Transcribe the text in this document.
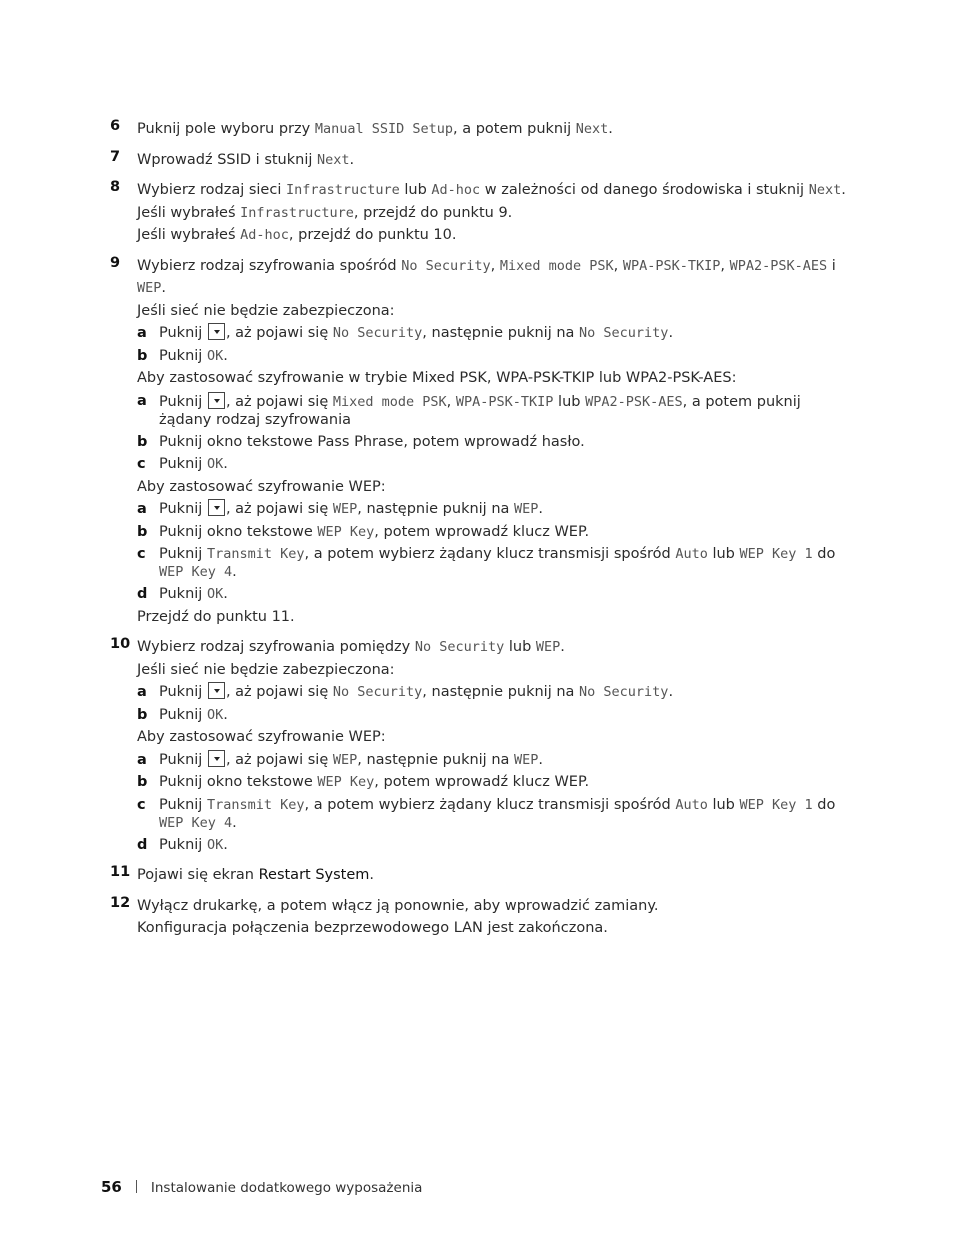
6 Puknij pole wyboru przy Manual SSID Setup, a potem puknij Next.
7 Wprowadź SSID i stuknij Next.
8 Wybierz rodzaj sieci Infrastructure lub Ad-hoc w zależności od danego środowiska i stuknij Next.
Jeśli wybrałeś Infrastructure, przejdź do punktu 9.
Jeśli wybrałeś Ad-hoc, przejdź do punktu 10.
9 Wybierz rodzaj szyfrowania spośród No Security, Mixed mode PSK, WPA-PSK-TKIP, WPA2-PSK-AES i WEP.
Jeśli sieć nie będzie zabezpieczona:
a Puknij , aż pojawi się No Security, następnie puknij na No Security.
b Puknij OK.
Aby zastosować szyfrowanie w trybie Mixed PSK, WPA-PSK-TKIP lub WPA2-PSK-AES:
a Puknij , aż pojawi się Mixed mode PSK, WPA-PSK-TKIP lub WPA2-PSK-AES, a potem puknij żądany rodzaj szyfrowania
b Puknij okno tekstowe Pass Phrase, potem wprowadź hasło.
c Puknij OK.
Aby zastosować szyfrowanie WEP:
a Puknij , aż pojawi się WEP, następnie puknij na WEP.
b Puknij okno tekstowe WEP Key, potem wprowadź klucz WEP.
c Puknij Transmit Key, a potem wybierz żądany klucz transmisji spośród Auto lub WEP Key 1 do WEP Key 4.
d Puknij OK.
Przejdź do punktu 11.
10 Wybierz rodzaj szyfrowania pomiędzy No Security lub WEP.
Jeśli sieć nie będzie zabezpieczona:
a Puknij , aż pojawi się No Security, następnie puknij na No Security.
b Puknij OK.
Aby zastosować szyfrowanie WEP:
a Puknij , aż pojawi się WEP, następnie puknij na WEP.
b Puknij okno tekstowe WEP Key, potem wprowadź klucz WEP.
c Puknij Transmit Key, a potem wybierz żądany klucz transmisji spośród Auto lub WEP Key 1 do WEP Key 4.
d Puknij OK.
11 Pojawi się ekran Restart System.
12 Wyłącz drukarkę, a potem włącz ją ponownie, aby wprowadzić zamiany.
Konfiguracja połączenia bezprzewodowego LAN jest zakończona.
56 Instalowanie dodatkowego wyposażenia
